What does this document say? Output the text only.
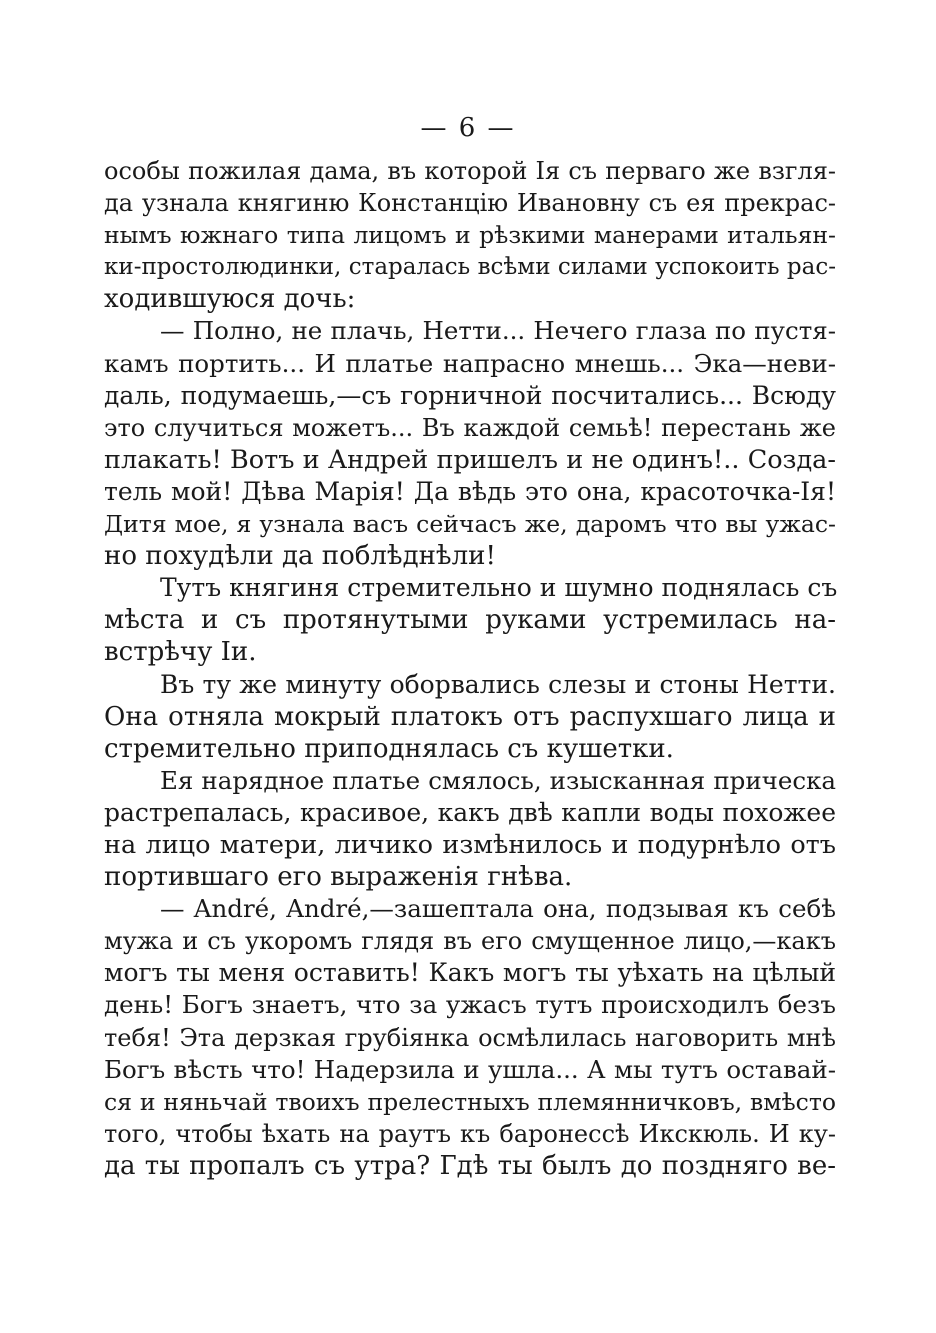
— 6 —
особы пожилая дама, въ которой Ія съ перваго же взгля-
да узнала княгиню Констанцію Ивановну съ ея прекрас-
нымъ южнаго типа лицомъ и рѣзкими манерами итальян-
ки-простолюдинки, старалась всѣми силами успокоить рас-
ходившуюся дочь:
— Полно, не плачь, Нетти... Нечего глаза по пустя-
камъ портить... И платье напрасно мнешь... Эка—неви-
даль, подумаешь,—съ горничной посчитались... Всюду
это случиться можетъ... Въ каждой семьѣ! перестань же
плакать! Вотъ и Андрей пришелъ и не одинъ!.. Созда-
тель мой! Дѣва Марія! Да вѣдь это она, красоточка-Ія!
Дитя мое, я узнала васъ сейчасъ же, даромъ что вы ужас-
но похудѣли да поблѣднѣли!
Тутъ княгиня стремительно и шумно поднялась съ
мѣста и съ протянутыми руками устремилась на-
встрѣчу Іи.
Въ ту же минуту оборвались слезы и стоны Нетти.
Она отняла мокрый платокъ отъ распухшаго лица и
стремительно приподнялась съ кушетки.
Ея нарядное платье смялось, изысканная прическа
растрепалась, красивое, какъ двѣ капли воды похожее
на лицо матери, личико измѣнилось и подурнѣло отъ
портившаго его выраженія гнѣва.
— André, André,—зашептала она, подзывая къ себѣ
мужа и съ укоромъ глядя въ его смущенное лицо,—какъ
могъ ты меня оставить! Какъ могъ ты уѣхать на цѣлый
день! Богъ знаетъ, что за ужасъ тутъ происходилъ безъ
тебя! Эта дерзкая грубіянка осмѣлилась наговорить мнѣ
Богъ вѣсть что! Надерзила и ушла... А мы тутъ оставай-
ся и няньчай твоихъ прелестныхъ племянничковъ, вмѣсто
того, чтобы ѣхать на раутъ къ баронессѣ Икскюль. И ку-
да ты пропалъ съ утра? Гдѣ ты былъ до поздняго ве-
